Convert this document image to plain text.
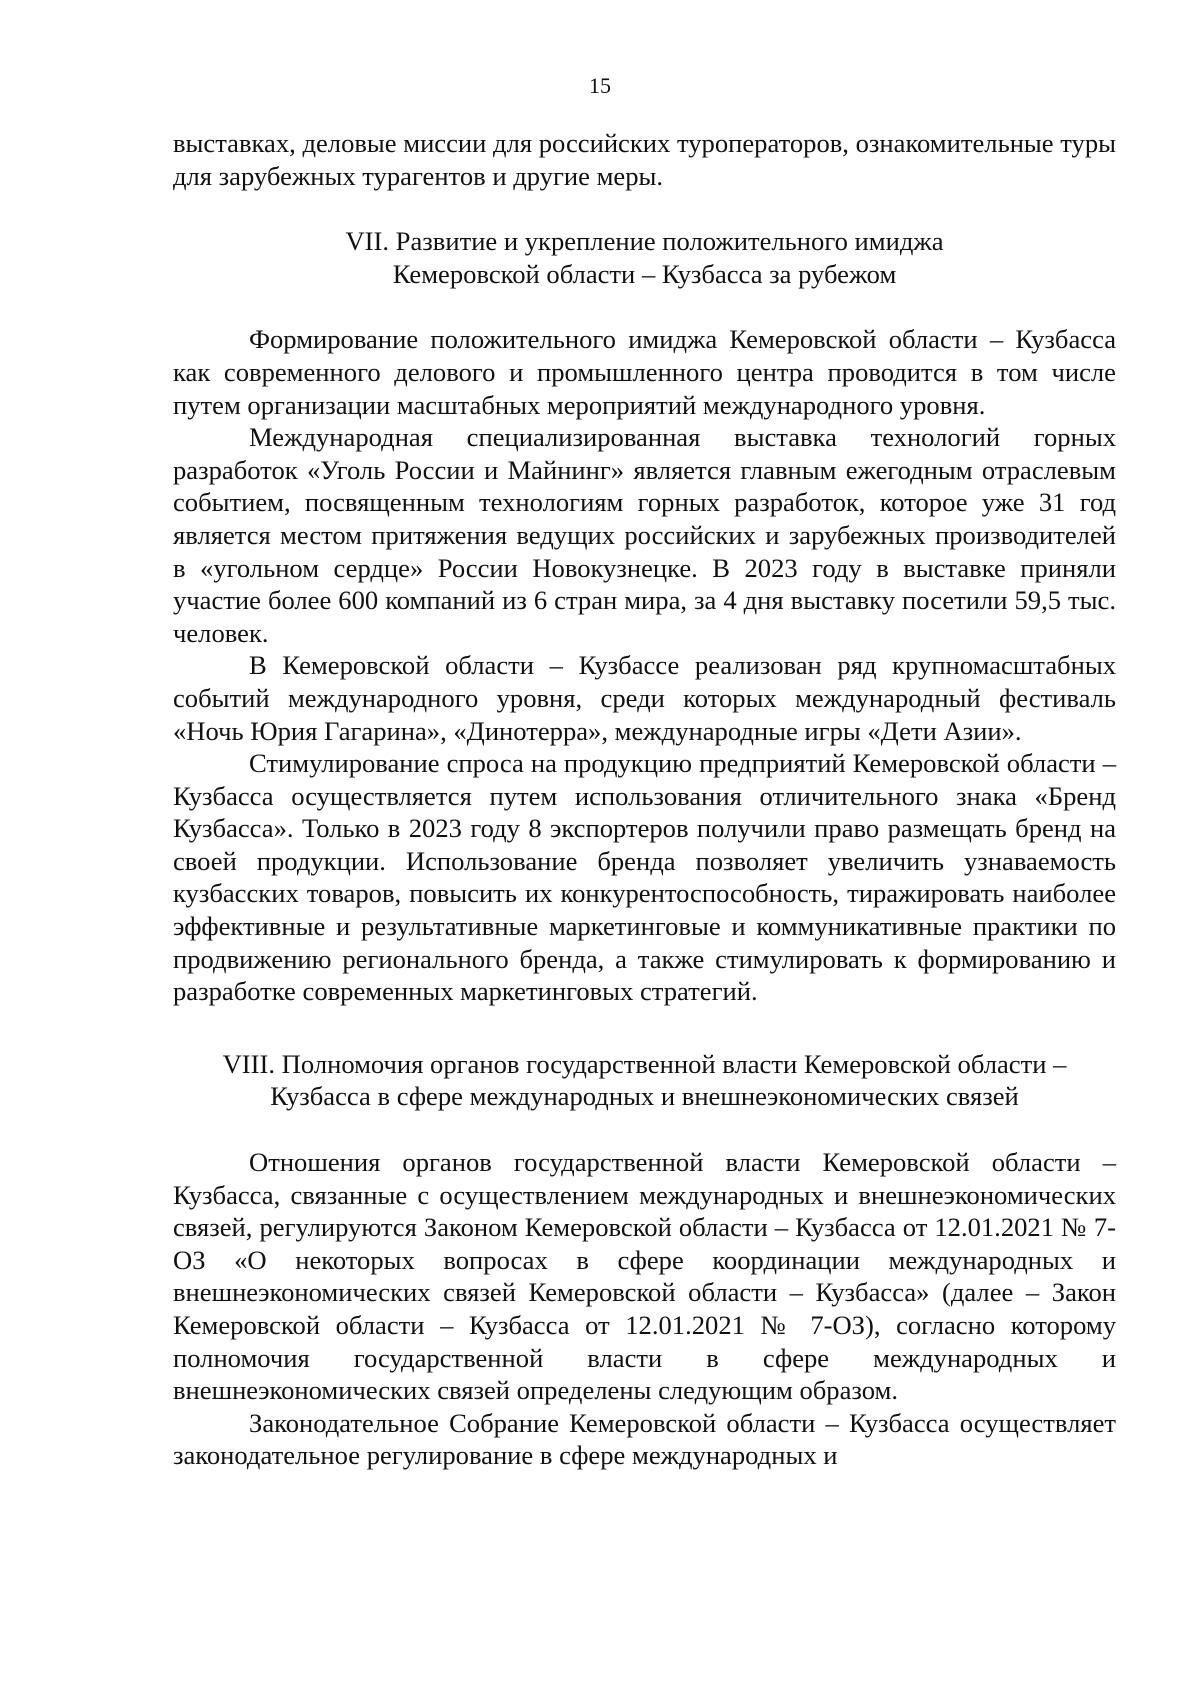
15

выставках, деловые миссии для российских туроператоров, ознакомительные туры для зарубежных турагентов и другие меры.

VII. Развитие и укрепление положительного имиджа
Кемеровской области – Кузбасса за рубежом

Формирование положительного имиджа Кемеровской области – Кузбасса как современного делового и промышленного центра проводится в том числе путем организации масштабных мероприятий международного уровня.

Международная специализированная выставка технологий горных разработок «Уголь России и Майнинг» является главным ежегодным отраслевым событием, посвященным технологиям горных разработок, которое уже 31 год является местом притяжения ведущих российских и зарубежных производителей в «угольном сердце» России Новокузнецке. В 2023 году в выставке приняли участие более 600 компаний из 6 стран мира, за 4 дня выставку посетили 59,5 тыс. человек.

В Кемеровской области – Кузбассе реализован ряд крупномасштабных событий международного уровня, среди которых международный фестиваль «Ночь Юрия Гагарина», «Динотерра», международные игры «Дети Азии».

Стимулирование спроса на продукцию предприятий Кемеровской области – Кузбасса осуществляется путем использования отличительного знака «Бренд Кузбасса». Только в 2023 году 8 экспортеров получили право размещать бренд на своей продукции. Использование бренда позволяет увеличить узнаваемость кузбасских товаров, повысить их конкурентоспособность, тиражировать наиболее эффективные и результативные маркетинговые и коммуникативные практики по продвижению регионального бренда, а также стимулировать к формированию и разработке современных маркетинговых стратегий.

VIII. Полномочия органов государственной власти Кемеровской области –
Кузбасса в сфере международных и внешнеэкономических связей

Отношения органов государственной власти Кемеровской области – Кузбасса, связанные с осуществлением международных и внешнеэкономических связей, регулируются Законом Кемеровской области – Кузбасса от 12.01.2021 № 7-ОЗ «О некоторых вопросах в сфере координации международных и внешнеэкономических связей Кемеровской области – Кузбасса» (далее – Закон Кемеровской области – Кузбасса от 12.01.2021 № 7-ОЗ), согласно которому полномочия государственной власти в сфере международных и внешнеэкономических связей определены следующим образом.

Законодательное Собрание Кемеровской области – Кузбасса осуществляет законодательное регулирование в сфере международных и
